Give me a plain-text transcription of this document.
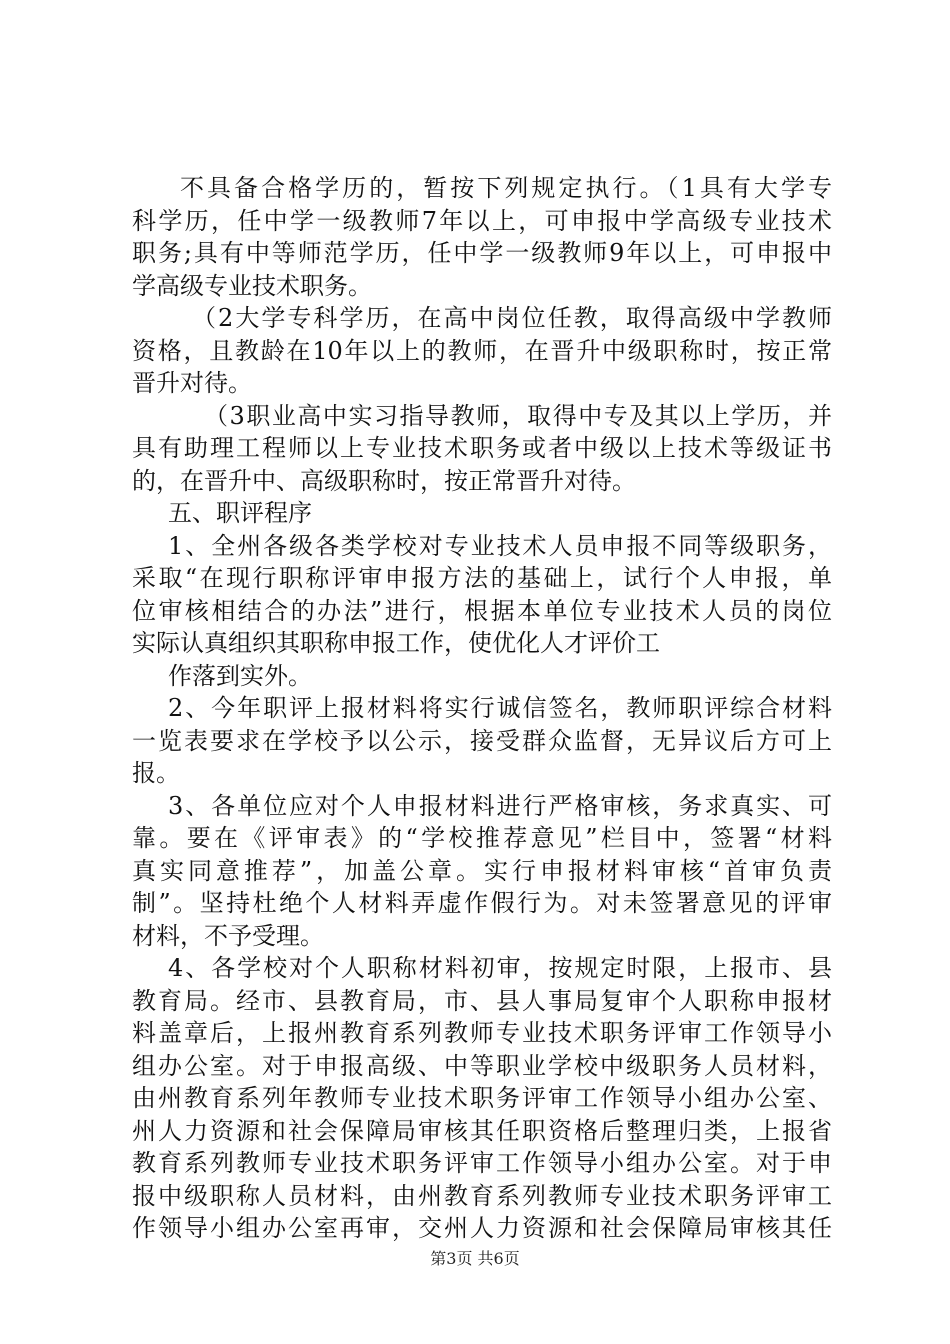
不具备合格学历的，暂按下列规定执行。（1具有大学专
科学历，任中学一级教师7年以上，可申报中学高级专业技术
职务;具有中等师范学历，任中学一级教师9年以上，可申报中
学高级专业技术职务。
（2大学专科学历，在高中岗位任教，取得高级中学教师
资格，且教龄在10年以上的教师，在晋升中级职称时，按正常
晋升对待。
（3职业高中实习指导教师，取得中专及其以上学历，并
具有助理工程师以上专业技术职务或者中级以上技术等级证书
的，在晋升中、高级职称时，按正常晋升对待。
五、职评程序
1、全州各级各类学校对专业技术人员申报不同等级职务，
采取“在现行职称评审申报方法的基础上，试行个人申报，单
位审核相结合的办法”进行，根据本单位专业技术人员的岗位
实际认真组织其职称申报工作，使优化人才评价工
作落到实外。
2、今年职评上报材料将实行诚信签名，教师职评综合材料
一览表要求在学校予以公示，接受群众监督，无异议后方可上
报。
3、各单位应对个人申报材料进行严格审核，务求真实、可
靠。要在《评审表》的“学校推荐意见”栏目中，签署“材料
真实同意推荐”，加盖公章。实行申报材料审核“首审负责
制”。坚持杜绝个人材料弄虚作假行为。对未签署意见的评审
材料，不予受理。
4、各学校对个人职称材料初审，按规定时限，上报市、县
教育局。经市、县教育局，市、县人事局复审个人职称申报材
料盖章后，上报州教育系列教师专业技术职务评审工作领导小
组办公室。对于申报高级、中等职业学校中级职务人员材料，
由州教育系列年教师专业技术职务评审工作领导小组办公室、
州人力资源和社会保障局审核其任职资格后整理归类，上报省
教育系列教师专业技术职务评审工作领导小组办公室。对于申
报中级职称人员材料，由州教育系列教师专业技术职务评审工
作领导小组办公室再审，交州人力资源和社会保障局审核其任
第3页 共6页
